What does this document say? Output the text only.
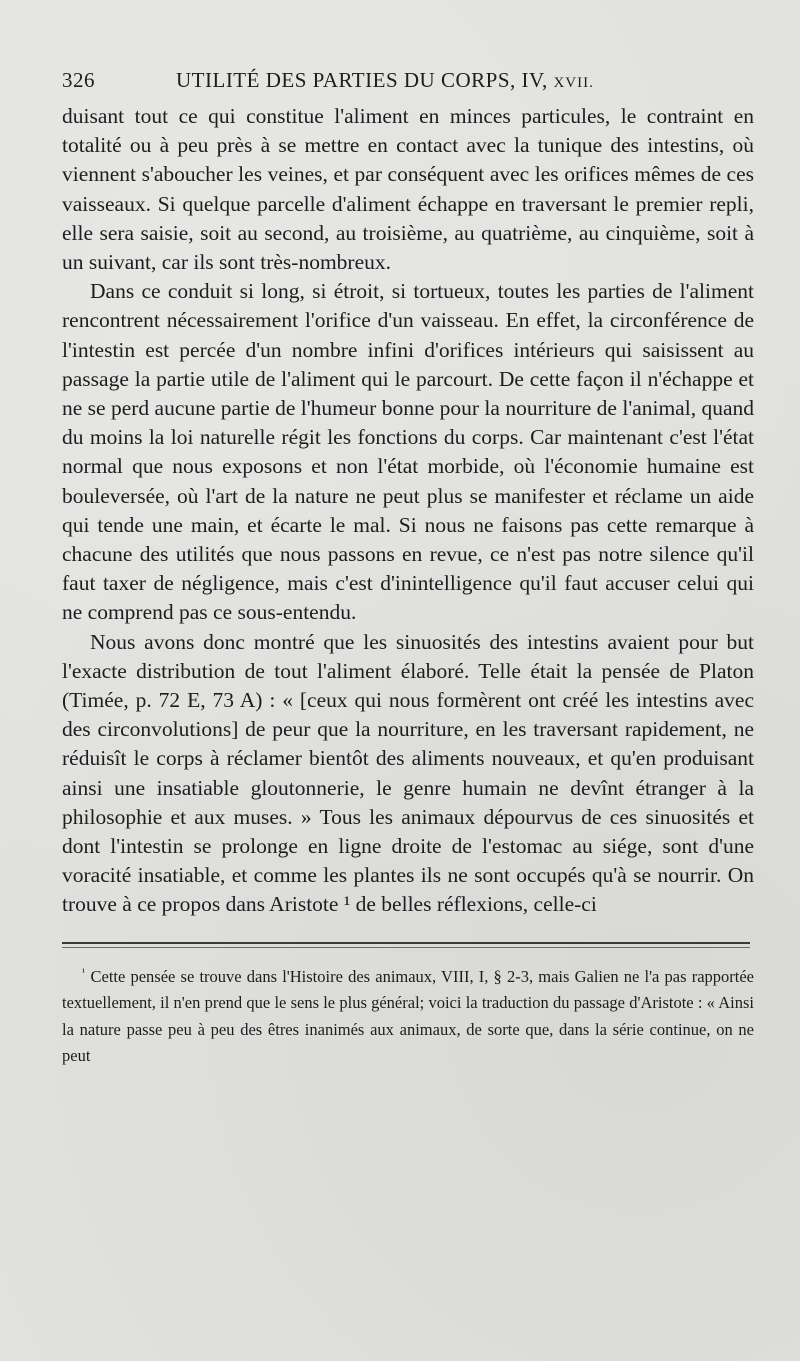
326	UTILITÉ DES PARTIES DU CORPS, IV, XVII.

duisant tout ce qui constitue l'aliment en minces particules, le contraint en totalité ou à peu près à se mettre en contact avec la tunique des intestins, où viennent s'aboucher les veines, et par conséquent avec les orifices mêmes de ces vaisseaux. Si quelque parcelle d'aliment échappe en traversant le premier repli, elle sera saisie, soit au second, au troisième, au quatrième, au cinquième, soit à un suivant, car ils sont très-nombreux.

Dans ce conduit si long, si étroit, si tortueux, toutes les parties de l'aliment rencontrent nécessairement l'orifice d'un vaisseau. En effet, la circonférence de l'intestin est percée d'un nombre infini d'orifices intérieurs qui saisissent au passage la partie utile de l'aliment qui le parcourt. De cette façon il n'échappe et ne se perd aucune partie de l'humeur bonne pour la nourriture de l'animal, quand du moins la loi naturelle régit les fonctions du corps. Car maintenant c'est l'état normal que nous exposons et non l'état morbide, où l'économie humaine est bouleversée, où l'art de la nature ne peut plus se manifester et réclame un aide qui tende une main, et écarte le mal. Si nous ne faisons pas cette remarque à chacune des utilités que nous passons en revue, ce n'est pas notre silence qu'il faut taxer de négligence, mais c'est d'inintelligence qu'il faut accuser celui qui ne comprend pas ce sous-entendu.

Nous avons donc montré que les sinuosités des intestins avaient pour but l'exacte distribution de tout l'aliment élaboré. Telle était la pensée de Platon (Timée, p. 72 E, 73 A) : « [ceux qui nous formèrent ont créé les intestins avec des circonvolutions] de peur que la nourriture, en les traversant rapidement, ne réduisît le corps à réclamer bientôt des aliments nouveaux, et qu'en produisant ainsi une insatiable gloutonnerie, le genre humain ne devînt étranger à la philosophie et aux muses. » Tous les animaux dépourvus de ces sinuosités et dont l'intestin se prolonge en ligne droite de l'estomac au siége, sont d'une voracité insatiable, et comme les plantes ils ne sont occupés qu'à se nourrir. On trouve à ce propos dans Aristote ¹ de belles réflexions, celle-ci

$^{^1}$ Cette pensée se trouve dans l'Histoire des animaux, VIII, I, § 2-3, mais Galien ne l'a pas rapportée textuellement, il n'en prend que le sens le plus général; voici la traduction du passage d'Aristote : « Ainsi la nature passe peu à peu des êtres inanimés aux animaux, de sorte que, dans la série continue, on ne peut
